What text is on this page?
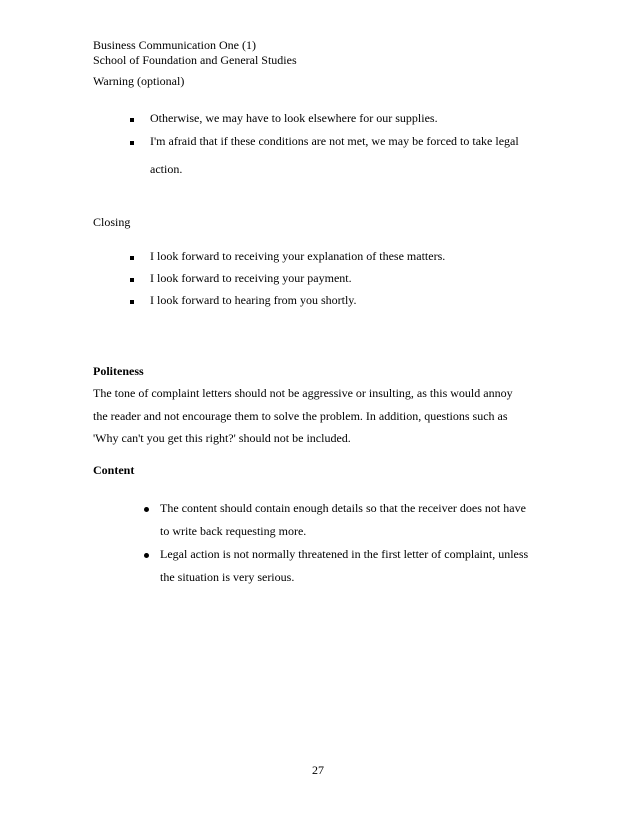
Business Communication One (1)
School of Foundation and General Studies
Warning (optional)
Otherwise, we may have to look elsewhere for our supplies.
I'm afraid that if these conditions are not met, we may be forced to take legal
action.
Closing
I look forward to receiving your explanation of these matters.
I look forward to receiving your payment.
I look forward to hearing from you shortly.
Politeness
The tone of complaint letters should not be aggressive or insulting, as this would annoy
the reader and not encourage them to solve the problem. In addition, questions such as
'Why can't you get this right?' should not be included.
Content
The content should contain enough details so that the receiver does not have
to write back requesting more.
Legal action is not normally threatened in the first letter of complaint, unless
the situation is very serious.
27
